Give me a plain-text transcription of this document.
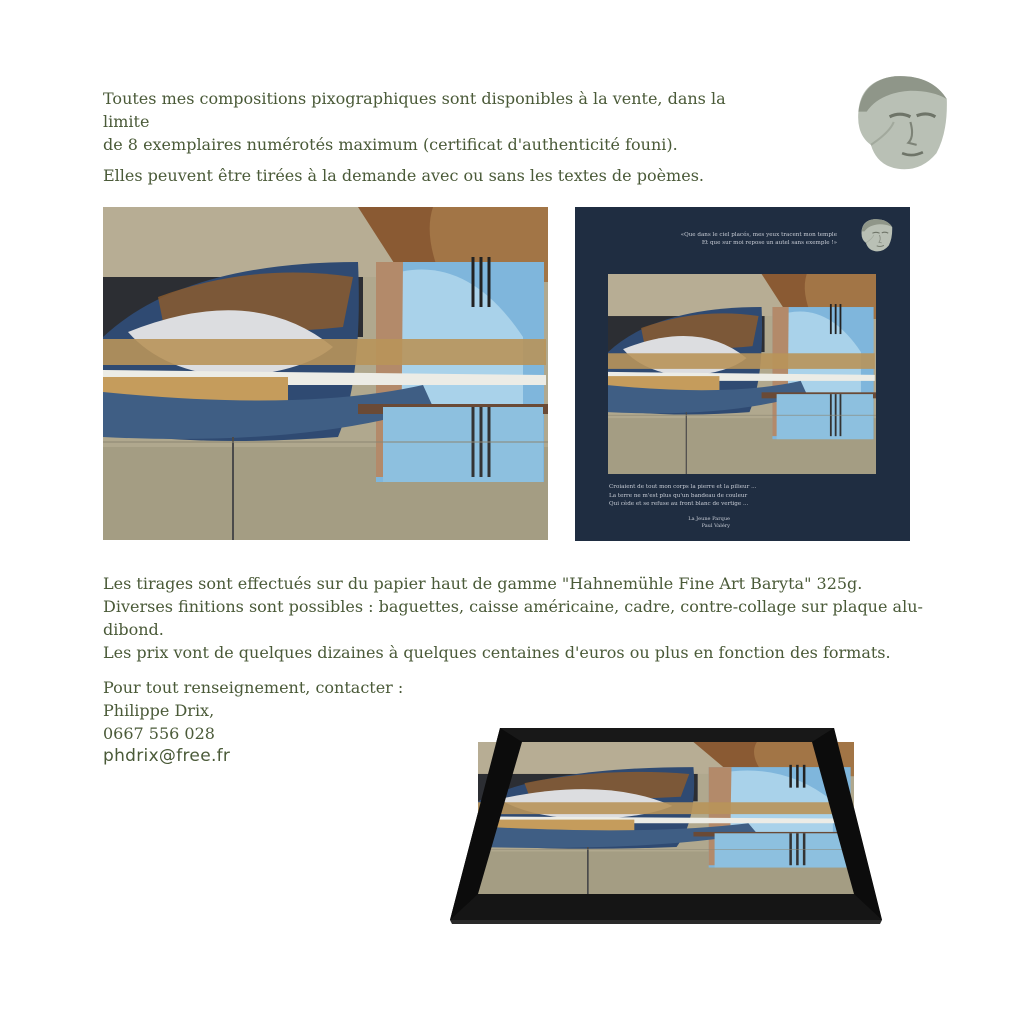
Toutes mes compositions pixographiques sont disponibles à la vente, dans la limite

de 8 exemplaires numérotés maximum (certificat d'authenticité founi).

Elles peuvent être tirées à la demande avec ou sans les textes de poèmes.

«Que dans le ciel placés, mes yeux tracent mon temple
Et que sur moi repose un autel sans exemple !»
Croiaient de tout mon corps la pierre et la pilieur ...
La terre ne m'est plus qu'un bandeau de couleur
Qui cède et se refuse au front blanc de vertige ...
La Jeune Parque
Paul Valéry

Les tirages sont effectués sur du papier haut de gamme "Hahnemühle Fine Art Baryta" 325g.

Diverses finitions sont possibles : baguettes, caisse américaine, cadre, contre-collage sur plaque alu-dibond.

Les prix vont de quelques dizaines à quelques centaines d'euros ou plus en fonction des formats.

Pour tout renseignement, contacter :

Philippe Drix,

0667 556 028

phdrix@free.fr
